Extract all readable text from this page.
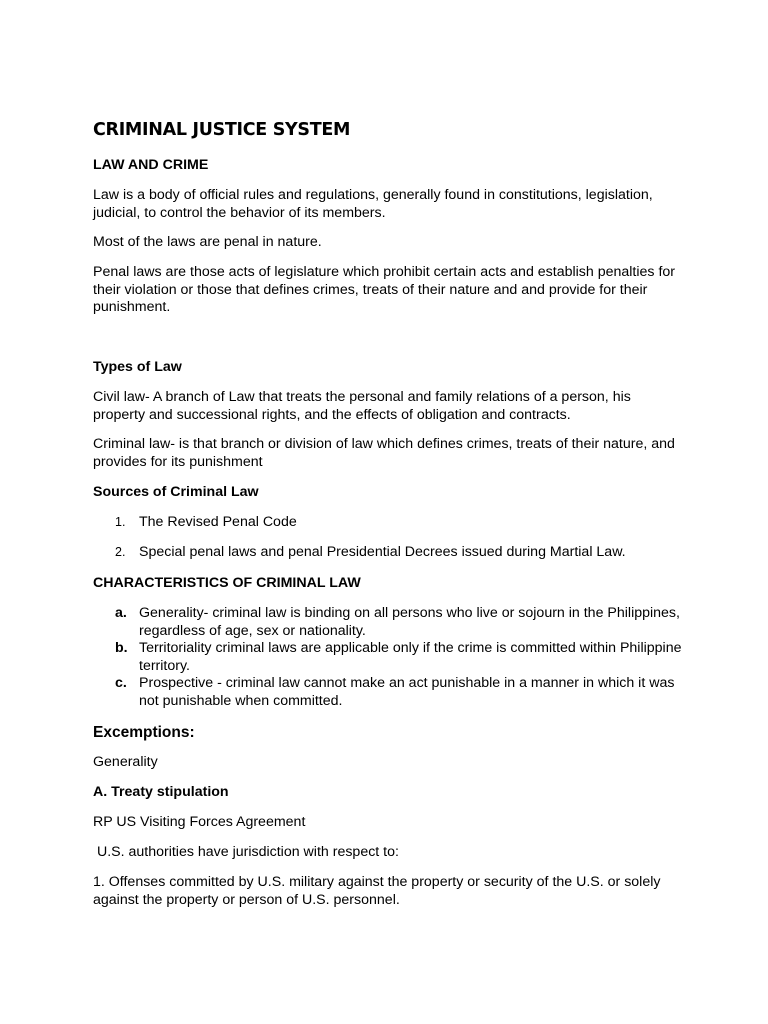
CRIMINAL JUSTICE SYSTEM
LAW AND CRIME

Law is a body of official rules and regulations, generally found in constitutions, legislation, judicial, to control the behavior of its members.

Most of the laws are penal in nature.

Penal laws are those acts of legislature which prohibit certain acts and establish penalties for their violation or those that defines crimes, treats of their nature and and provide for their punishment.

Types of Law

Civil law- A branch of Law that treats the personal and family relations of a person, his property and successional rights, and the effects of obligation and contracts.

Criminal law- is that branch or division of law which defines crimes, treats of their nature, and provides for its punishment

Sources of Criminal Law
1. The Revised Penal Code
2. Special penal laws and penal Presidential Decrees issued during Martial Law.
CHARACTERISTICS OF CRIMINAL LAW
a. Generality- criminal law is binding on all persons who live or sojourn in the Philippines, regardless of age, sex or nationality.
b. Territoriality criminal laws are applicable only if the crime is committed within Philippine territory.
c. Prospective - criminal law cannot make an act punishable in a manner in which it was not punishable when committed.
Excemptions:

Generality

A. Treaty stipulation

RP US Visiting Forces Agreement

U.S. authorities have jurisdiction with respect to:

1. Offenses committed by U.S. military against the property or security of the U.S. or solely against the property or person of U.S. personnel.
